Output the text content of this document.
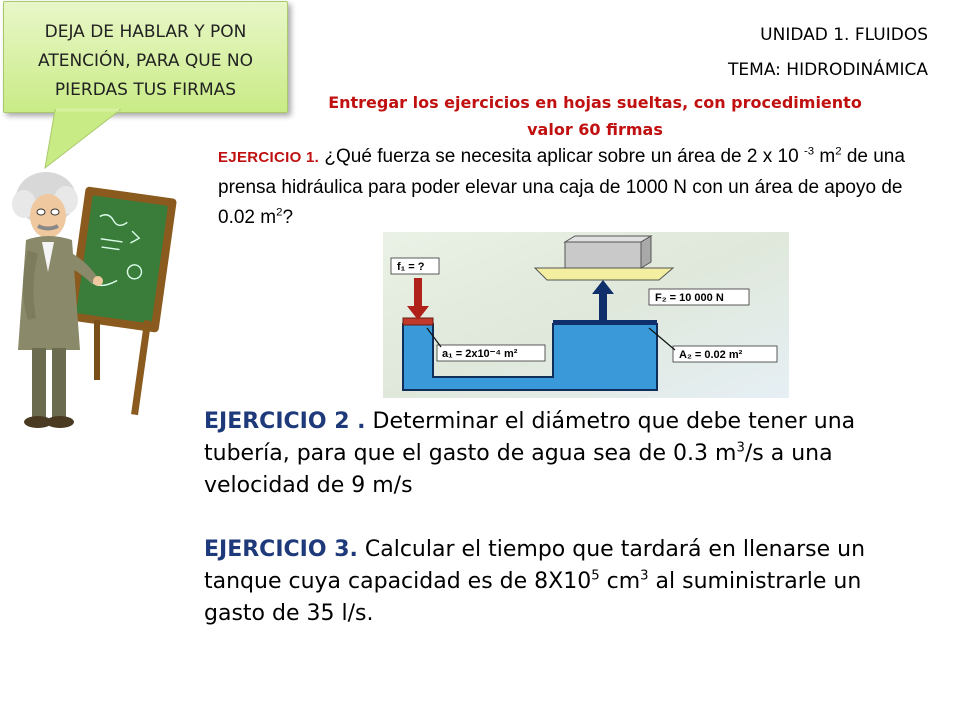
DEJA DE HABLAR Y PON ATENCIÓN, PARA QUE NO PIERDAS TUS FIRMAS
UNIDAD 1. FLUIDOS
TEMA: HIDRODINÁMICA
Entregar los ejercicios en hojas sueltas, con procedimiento
valor 60 firmas
EJERCICIO 1. ¿Qué fuerza se necesita aplicar sobre un área de 2 x 10 $^{-3}$ $m^2$ de una prensa hidráulica para poder elevar una caja de 1000 N con un área de apoyo de 0.02 $m^2$?
f₁ = ?
F₂ = 10 000 N
a₁ = 2x10⁻⁴ m²	A₂ = 0.02 m²
EJERCICIO 2 . Determinar el diámetro que debe tener una tubería, para que el gasto de agua sea de 0.3 $m^3/s$ a una velocidad de 9 m/s
EJERCICIO 3. Calcular el tiempo que tardará en llenarse un tanque cuya capacidad es de $8X10^5$ $cm^3$ al suministrarle un gasto de 35 l/s.
